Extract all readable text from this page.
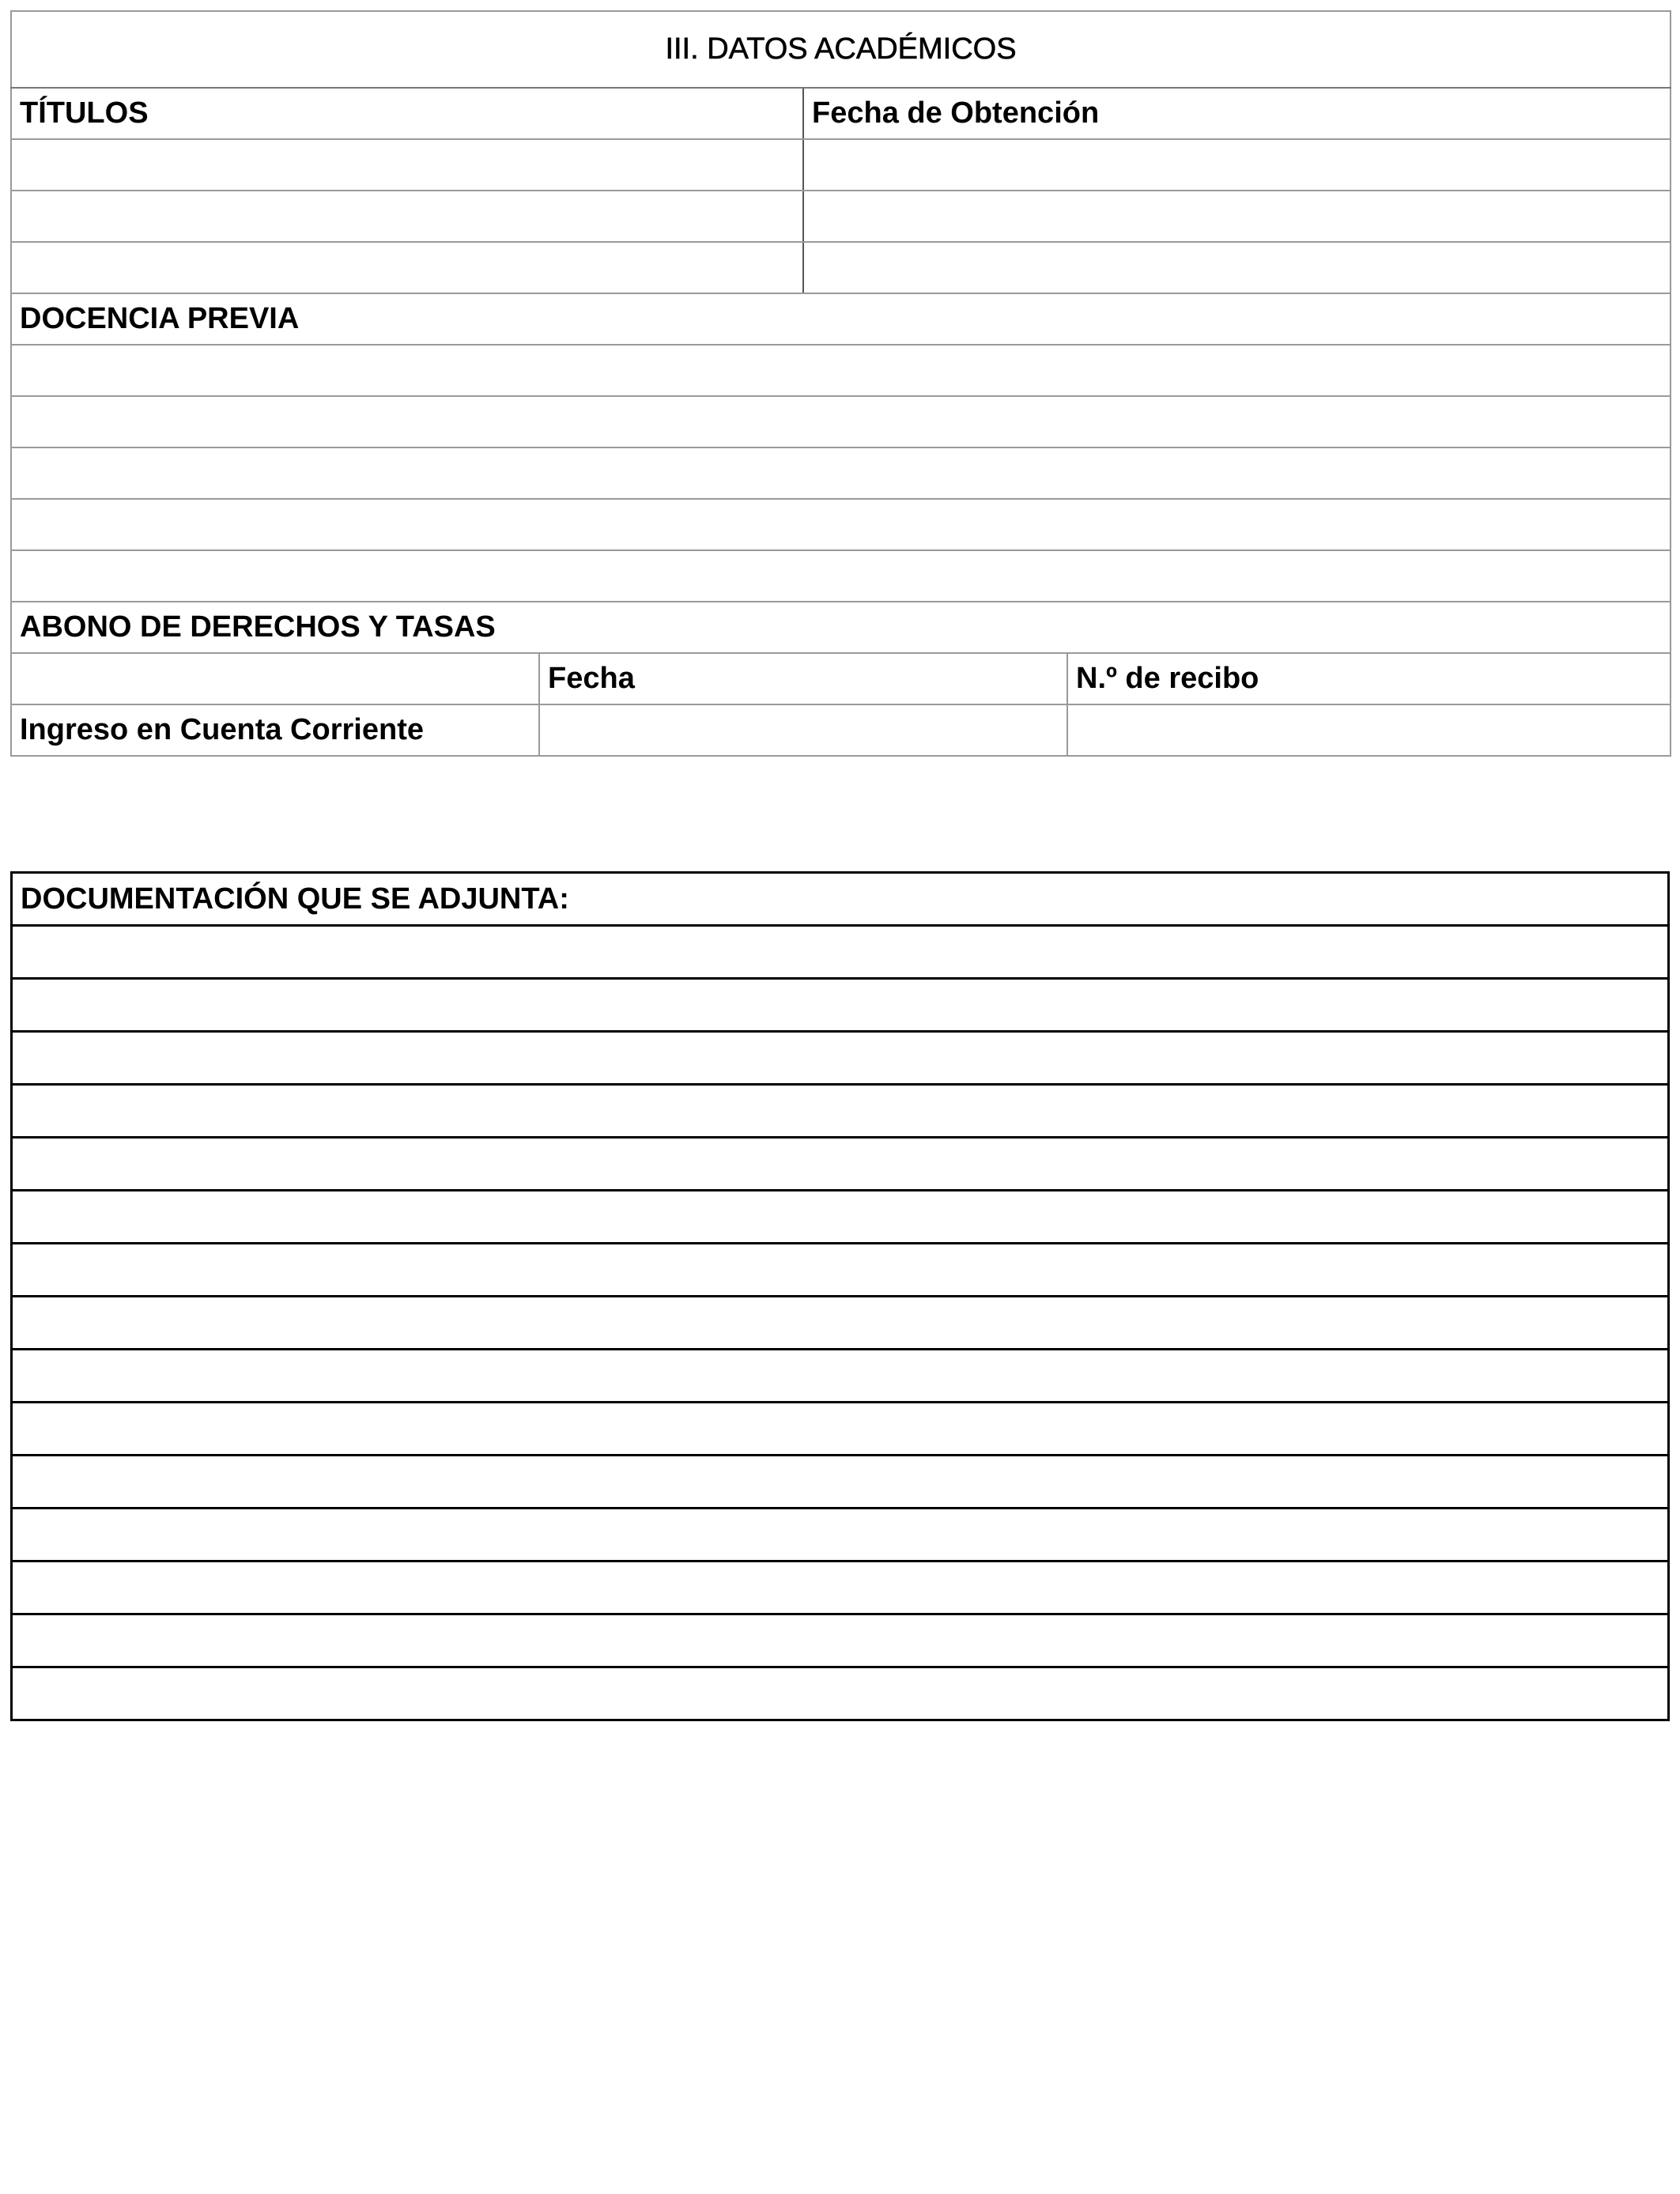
III. DATOS ACADÉMICOS			
TÍTULOS		Fecha de Obtención	

DOCENCIA PREVIA			

ABONO DE DERECHOS Y TASAS			
	Fecha		N.º de recibo
Ingreso en Cuenta Corriente			
DOCUMENTACIÓN QUE SE ADJUNTA:
